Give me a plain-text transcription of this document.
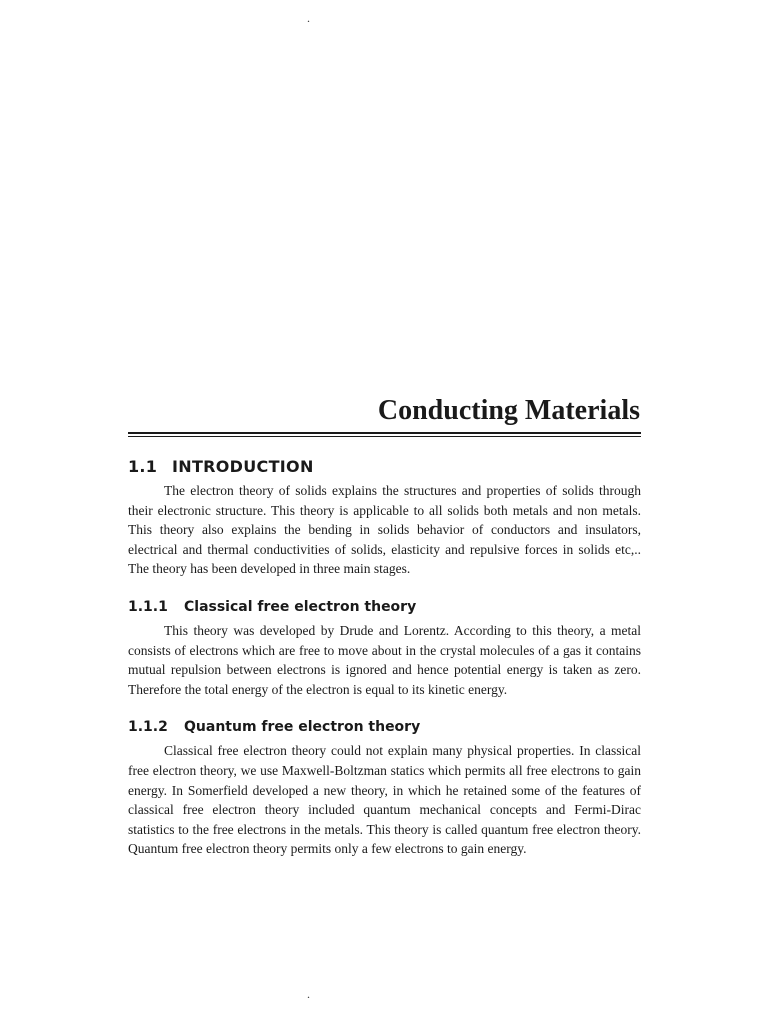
.
Conducting Materials
1.1 INTRODUCTION

The electron theory of solids explains the structures and properties of solids through their electronic structure. This theory is applicable to all solids both metals and non metals. This theory also explains the bending in solids behavior of conductors and insulators, electrical and thermal conductivities of solids, elasticity and repulsive forces in solids etc,.. The theory has been developed in three main stages.

1.1.1 Classical free electron theory

This theory was developed by Drude and Lorentz. According to this theory, a metal consists of electrons which are free to move about in the crystal molecules of a gas it contains mutual repulsion between electrons is ignored and hence potential energy is taken as zero. Therefore the total energy of the electron is equal to its kinetic energy.

1.1.2 Quantum free electron theory

Classical free electron theory could not explain many physical properties. In classical free electron theory, we use Maxwell-Boltzman statics which permits all free electrons to gain energy. In Somerfield developed a new theory, in which he retained some of the features of classical free electron theory included quantum mechanical concepts and Fermi-Dirac statistics to the free electrons in the metals. This theory is called quantum free electron theory. Quantum free electron theory permits only a few electrons to gain energy.

.
